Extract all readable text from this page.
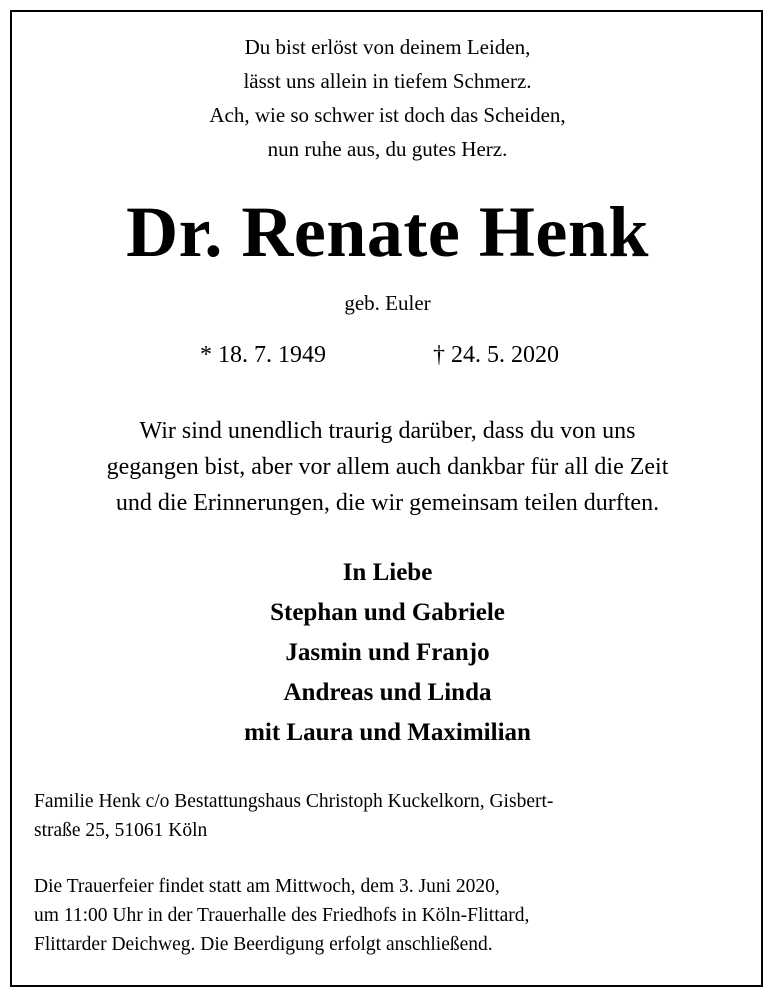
Du bist erlöst von deinem Leiden,
lässt uns allein in tiefem Schmerz.
Ach, wie so schwer ist doch das Scheiden,
nun ruhe aus, du gutes Herz.
Dr. Renate Henk
geb. Euler
* 18. 7. 1949	† 24. 5. 2020
Wir sind unendlich traurig darüber, dass du von uns
gegangen bist, aber vor allem auch dankbar für all die Zeit
und die Erinnerungen, die wir gemeinsam teilen durften.
In Liebe
Stephan und Gabriele
Jasmin und Franjo
Andreas und Linda
mit Laura und Maximilian
Familie Henk c/o Bestattungshaus Christoph Kuckelkorn, Gisbert-
straße 25, 51061 Köln
Die Trauerfeier findet statt am Mittwoch, dem 3. Juni 2020,
um 11:00 Uhr in der Trauerhalle des Friedhofs in Köln-Flittard,
Flittarder Deichweg. Die Beerdigung erfolgt anschließend.
